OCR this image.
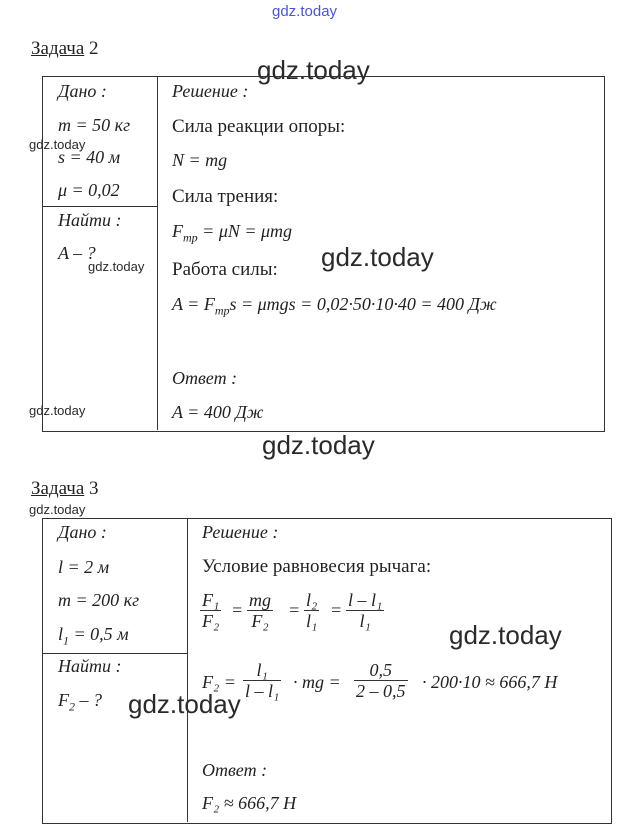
gdz.today
gdz.today
gdz.today
gdz.today	gdz.today
gdz.today
gdz.today
gdz.today
gdz.today
gdz.today
Задача 2
Дано :
m = 50 кг
s = 40 м
μ = 0,02
Найти :
A – ?
Решение :
Сила реакции опоры:
N = mg
Сила трения:
$F_{тр} = \mu N = \mu mg$
Работа силы:
$A = F_{тр}s = \mu mgs = 0,02\cdot 50\cdot 10\cdot 40 = 400$ Дж
Ответ :
A = 400 Дж
Задача 3
Дано :
l = 2 м
m = 200 кг
$l_1 = 0,5$ м
Найти :
$F_2$ – ?
Решение :
Условие равновесия рычага:
F₁
F₂
= mg
F₂
= l₂
l₁
= l – l₁
l₁
F₂ =
l₁
l – l₁ · mg =
0,5
2 – 0,5 · 200·10 ≈ 666,7 Н
Ответ :
F₂ ≈ 666,7 Н
